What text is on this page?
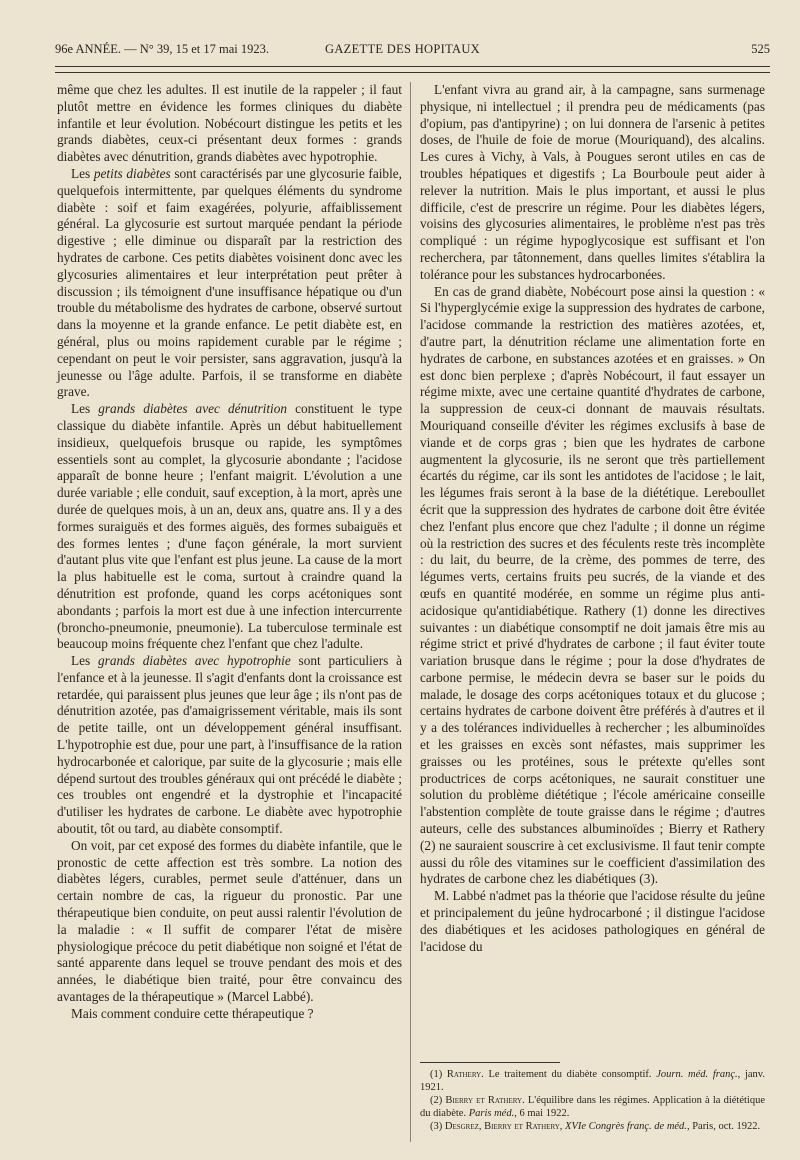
96e ANNÉE. — N° 39, 15 et 17 mai 1923.	GAZETTE DES HOPITAUX	525

même que chez les adultes. Il est inutile de la rappeler ; il faut plutôt mettre en évidence les formes cliniques du diabète infantile et leur évolution. Nobécourt distingue les petits et les grands diabètes, ceux-ci présentant deux formes : grands diabètes avec dénutrition, grands diabètes avec hypotrophie.

Les petits diabètes sont caractérisés par une glycosurie faible, quelquefois intermittente, par quelques éléments du syndrome diabète : soif et faim exagérées, polyurie, affaiblissement général. La glycosurie est surtout marquée pendant la période digestive ; elle diminue ou disparaît par la restriction des hydrates de carbone. Ces petits diabètes voisinent donc avec les glycosuries alimentaires et leur interprétation peut prêter à discussion ; ils témoignent d'une insuffisance hépatique ou d'un trouble du métabolisme des hydrates de carbone, observé surtout dans la moyenne et la grande enfance. Le petit diabète est, en général, plus ou moins rapidement curable par le régime ; cependant on peut le voir persister, sans aggravation, jusqu'à la jeunesse ou l'âge adulte. Parfois, il se transforme en diabète grave.

Les grands diabètes avec dénutrition constituent le type classique du diabète infantile. Après un début habituellement insidieux, quelquefois brusque ou rapide, les symptômes essentiels sont au complet, la glycosurie abondante ; l'acidose apparaît de bonne heure ; l'enfant maigrit. L'évolution a une durée variable ; elle conduit, sauf exception, à la mort, après une durée de quelques mois, à un an, deux ans, quatre ans. Il y a des formes suraiguës et des formes aiguës, des formes subaiguës et des formes lentes ; d'une façon générale, la mort survient d'autant plus vite que l'enfant est plus jeune. La cause de la mort la plus habituelle est le coma, surtout à craindre quand la dénutrition est profonde, quand les corps acétoniques sont abondants ; parfois la mort est due à une infection intercurrente (broncho-pneumonie, pneumonie). La tuberculose terminale est beaucoup moins fréquente chez l'enfant que chez l'adulte.

Les grands diabètes avec hypotrophie sont particuliers à l'enfance et à la jeunesse. Il s'agit d'enfants dont la croissance est retardée, qui paraissent plus jeunes que leur âge ; ils n'ont pas de dénutrition azotée, pas d'amaigrissement véritable, mais ils sont de petite taille, ont un développement général insuffisant. L'hypotrophie est due, pour une part, à l'insuffisance de la ration hydrocarbonée et calorique, par suite de la glycosurie ; mais elle dépend surtout des troubles généraux qui ont précédé le diabète ; ces troubles ont engendré et la dystrophie et l'incapacité d'utiliser les hydrates de carbone. Le diabète avec hypotrophie aboutit, tôt ou tard, au diabète consomptif.

On voit, par cet exposé des formes du diabète infantile, que le pronostic de cette affection est très sombre. La notion des diabètes légers, curables, permet seule d'atténuer, dans un certain nombre de cas, la rigueur du pronostic. Par une thérapeutique bien conduite, on peut aussi ralentir l'évolution de la maladie : « Il suffit de comparer l'état de misère physiologique précoce du petit diabétique non soigné et l'état de santé apparente dans lequel se trouve pendant des mois et des années, le diabétique bien traité, pour être convaincu des avantages de la thérapeutique » (Marcel Labbé).

Mais comment conduire cette thérapeutique ?

L'enfant vivra au grand air, à la campagne, sans surmenage physique, ni intellectuel ; il prendra peu de médicaments (pas d'opium, pas d'antipyrine) ; on lui donnera de l'arsenic à petites doses, de l'huile de foie de morue (Mouriquand), des alcalins. Les cures à Vichy, à Vals, à Pougues seront utiles en cas de troubles hépatiques et digestifs ; La Bourboule peut aider à relever la nutrition. Mais le plus important, et aussi le plus difficile, c'est de prescrire un régime. Pour les diabètes légers, voisins des glycosuries alimentaires, le problème n'est pas très compliqué : un régime hypoglycosique est suffisant et l'on recherchera, par tâtonnement, dans quelles limites s'établira la tolérance pour les substances hydrocarbonées.

En cas de grand diabète, Nobécourt pose ainsi la question : « Si l'hyperglycémie exige la suppression des hydrates de carbone, l'acidose commande la restriction des matières azotées, et, d'autre part, la dénutrition réclame une alimentation forte en hydrates de carbone, en substances azotées et en graisses. » On est donc bien perplexe ; d'après Nobécourt, il faut essayer un régime mixte, avec une certaine quantité d'hydrates de carbone, la suppression de ceux-ci donnant de mauvais résultats. Mouriquand conseille d'éviter les régimes exclusifs à base de viande et de corps gras ; bien que les hydrates de carbone augmentent la glycosurie, ils ne seront que très partiellement écartés du régime, car ils sont les antidotes de l'acidose ; le lait, les légumes frais seront à la base de la diététique. Lereboullet écrit que la suppression des hydrates de carbone doit être évitée chez l'enfant plus encore que chez l'adulte ; il donne un régime où la restriction des sucres et des féculents reste très incomplète : du lait, du beurre, de la crème, des pommes de terre, des légumes verts, certains fruits peu sucrés, de la viande et des œufs en quantité modérée, en somme un régime plus anti-acidosique qu'antidiabétique. Rathery (1) donne les directives suivantes : un diabétique consomptif ne doit jamais être mis au régime strict et privé d'hydrates de carbone ; il faut éviter toute variation brusque dans le régime ; pour la dose d'hydrates de carbone permise, le médecin devra se baser sur le poids du malade, le dosage des corps acétoniques totaux et du glucose ; certains hydrates de carbone doivent être préférés à d'autres et il y a des tolérances individuelles à rechercher ; les albuminoïdes et les graisses en excès sont néfastes, mais supprimer les graisses ou les protéines, sous le prétexte qu'elles sont productrices de corps acétoniques, ne saurait constituer une solution du problème diététique ; l'école américaine conseille l'abstention complète de toute graisse dans le régime ; d'autres auteurs, celle des substances albuminoïdes ; Bierry et Rathery (2) ne sauraient souscrire à cet exclusivisme. Il faut tenir compte aussi du rôle des vitamines sur le coefficient d'assimilation des hydrates de carbone chez les diabétiques (3).

M. Labbé n'admet pas la théorie que l'acidose résulte du jeûne et principalement du jeûne hydrocarboné ; il distingue l'acidose des diabétiques et les acidoses pathologiques en général de l'acidose du

(1) Rathery. Le traitement du diabète consomptif. Journ. méd. franç., janv. 1921.

(2) Bierry et Rathery. L'équilibre dans les régimes. Application à la diététique du diabète. Paris méd., 6 mai 1922.

(3) Desgrez, Bierry et Rathery, XVIe Congrès franç. de méd., Paris, oct. 1922.
